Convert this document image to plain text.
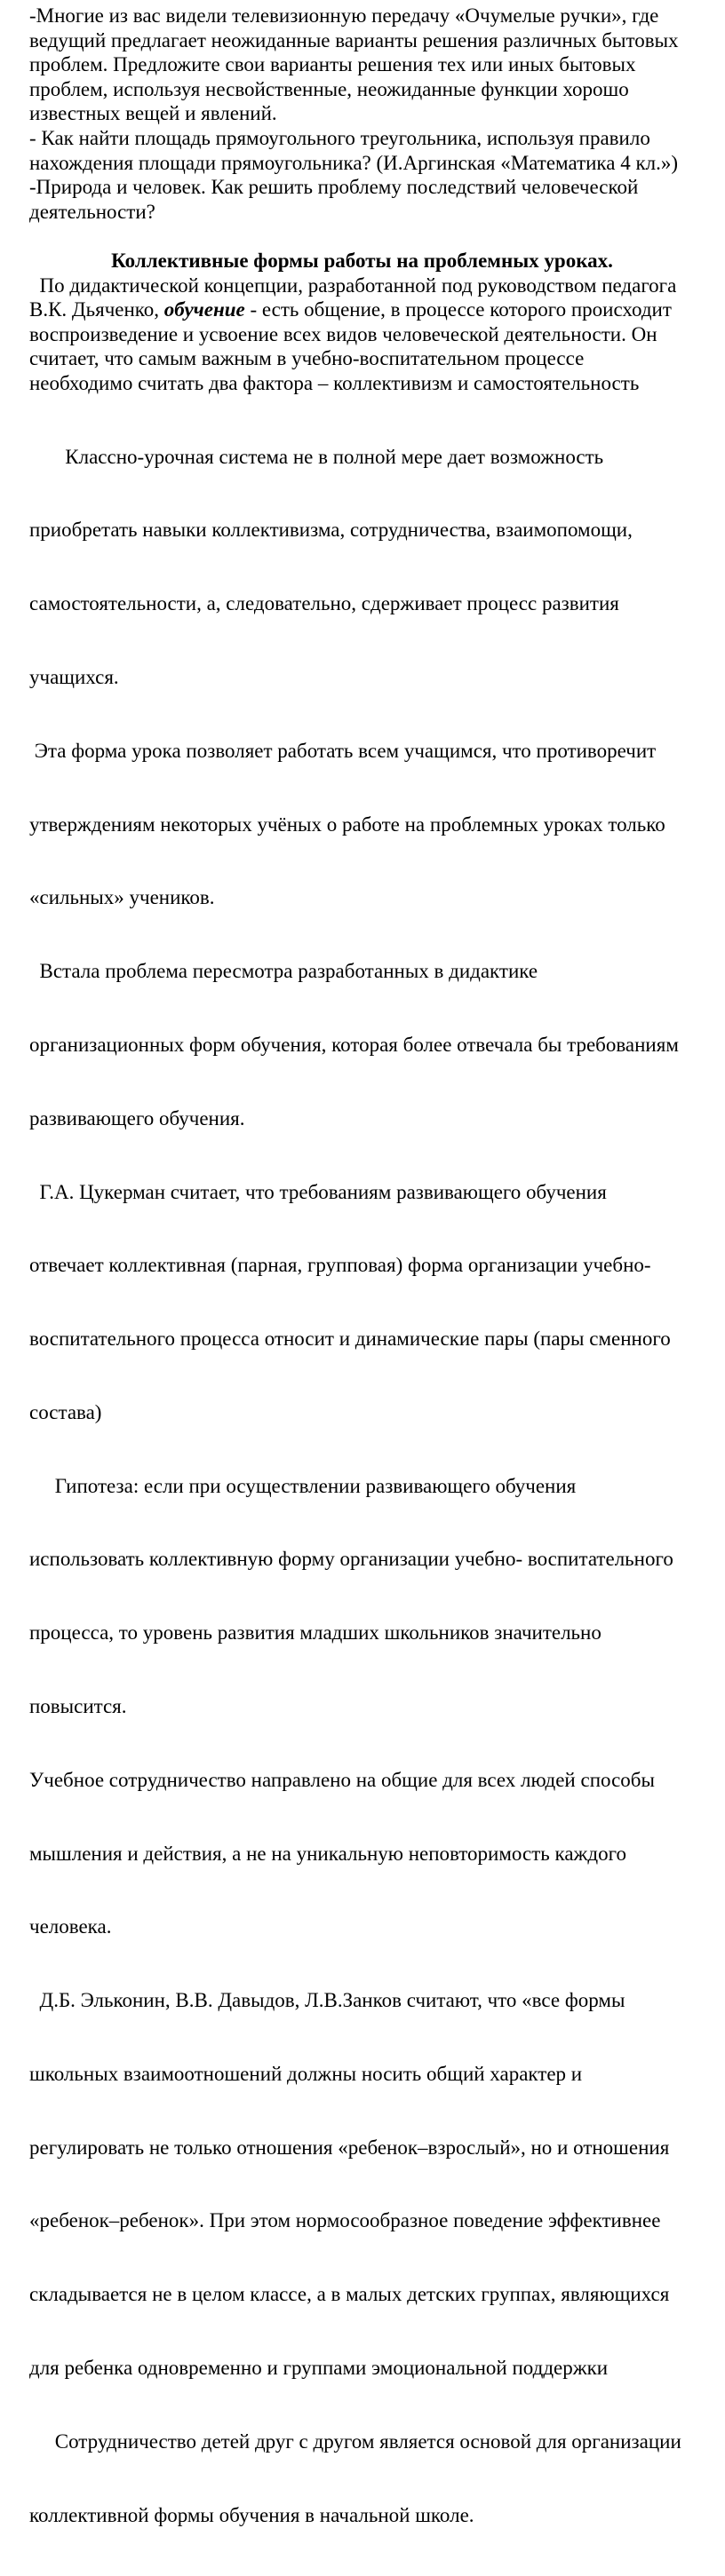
-Многие из вас видели телевизионную передачу «Очумелые ручки», где
ведущий предлагает неожиданные варианты решения различных бытовых
проблем. Предложите свои варианты решения тех или иных бытовых
проблем, используя несвойственные, неожиданные функции хорошо
известных вещей и явлений.
- Как найти площадь прямоугольного треугольника, используя правило
нахождения площади прямоугольника? (И.Аргинская «Математика 4 кл.»)
-Природа и человек. Как решить проблему последствий человеческой
деятельности?
Коллективные формы работы на проблемных уроках.
По дидактической концепции, разработанной под руководством педагога
В.К. Дьяченко, обучение - есть общение, в процессе которого происходит
воспроизведение и усвоение всех видов человеческой деятельности. Он
считает, что самым важным в учебно-воспитательном процессе
необходимо считать два фактора – коллективизм и самостоятельность

Классно-урочная система не в полной мере дает возможность

приобретать навыки коллективизма, сотрудничества, взаимопомощи,

самостоятельности, а, следовательно, сдерживает процесс развития

учащихся.

Эта форма урока позволяет работать всем учащимся, что противоречит

утверждениям некоторых учёных о работе на проблемных уроках только

«сильных» учеников.

Встала проблема пересмотра разработанных в дидактике

организационных форм обучения, которая более отвечала бы требованиям

развивающего обучения.

Г.А. Цукерман считает, что требованиям развивающего обучения

отвечает коллективная (парная, групповая) форма организации учебно-

воспитательного процесса относит и динамические пары (пары сменного

состава)

Гипотеза: если при осуществлении развивающего обучения

использовать коллективную форму организации учебно- воспитательного

процесса, то уровень развития младших школьников значительно

повысится.

Учебное сотрудничество направлено на общие для всех людей способы

мышления и действия, а не на уникальную неповторимость каждого

человека.

Д.Б. Эльконин, В.В. Давыдов, Л.В.Занков считают, что «все формы

школьных взаимоотношений должны носить общий характер и

регулировать не только отношения «ребенок–взрослый», но и отношения

«ребенок–ребенок». При этом нормосообразное поведение эффективнее

складывается не в целом классе, а в малых детских группах, являющихся

для ребенка одновременно и группами эмоциональной поддержки

Сотрудничество детей друг с другом является основой для организации

коллективной формы обучения в начальной школе.
